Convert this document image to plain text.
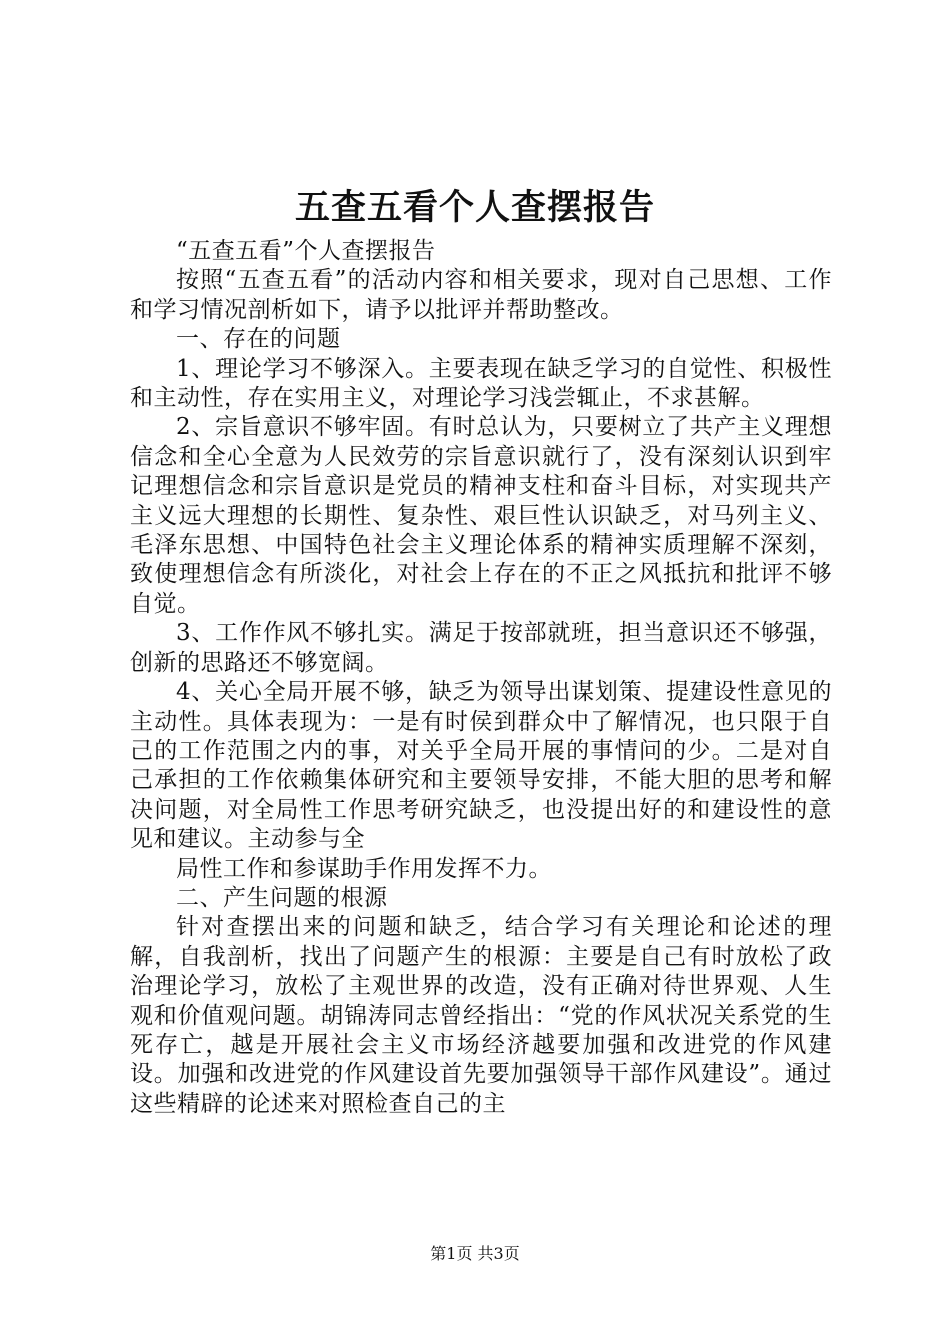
五查五看个人查摆报告

“五查五看”个人查摆报告

按照“五查五看”的活动内容和相关要求，现对自己思想、工作和学习情况剖析如下，请予以批评并帮助整改。

一、存在的问题

1、理论学习不够深入。主要表现在缺乏学习的自觉性、积极性和主动性，存在实用主义，对理论学习浅尝辄止，不求甚解。

2、宗旨意识不够牢固。有时总认为，只要树立了共产主义理想信念和全心全意为人民效劳的宗旨意识就行了，没有深刻认识到牢记理想信念和宗旨意识是党员的精神支柱和奋斗目标，对实现共产主义远大理想的长期性、复杂性、艰巨性认识缺乏，对马列主义、毛泽东思想、中国特色社会主义理论体系的精神实质理解不深刻，致使理想信念有所淡化，对社会上存在的不正之风抵抗和批评不够自觉。

3、工作作风不够扎实。满足于按部就班，担当意识还不够强，创新的思路还不够宽阔。

4、关心全局开展不够，缺乏为领导出谋划策、提建设性意见的主动性。具体表现为：一是有时侯到群众中了解情况，也只限于自己的工作范围之内的事，对关乎全局开展的事情问的少。二是对自己承担的工作依赖集体研究和主要领导安排，不能大胆的思考和解决问题，对全局性工作思考研究缺乏，也没提出好的和建设性的意见和建议。主动参与全

局性工作和参谋助手作用发挥不力。

二、产生问题的根源

针对查摆出来的问题和缺乏，结合学习有关理论和论述的理解，自我剖析，找出了问题产生的根源：主要是自己有时放松了政治理论学习，放松了主观世界的改造，没有正确对待世界观、人生观和价值观问题。胡锦涛同志曾经指出：“党的作风状况关系党的生死存亡，越是开展社会主义市场经济越要加强和改进党的作风建设。加强和改进党的作风建设首先要加强领导干部作风建设”。通过这些精辟的论述来对照检查自己的主

第1页 共3页
